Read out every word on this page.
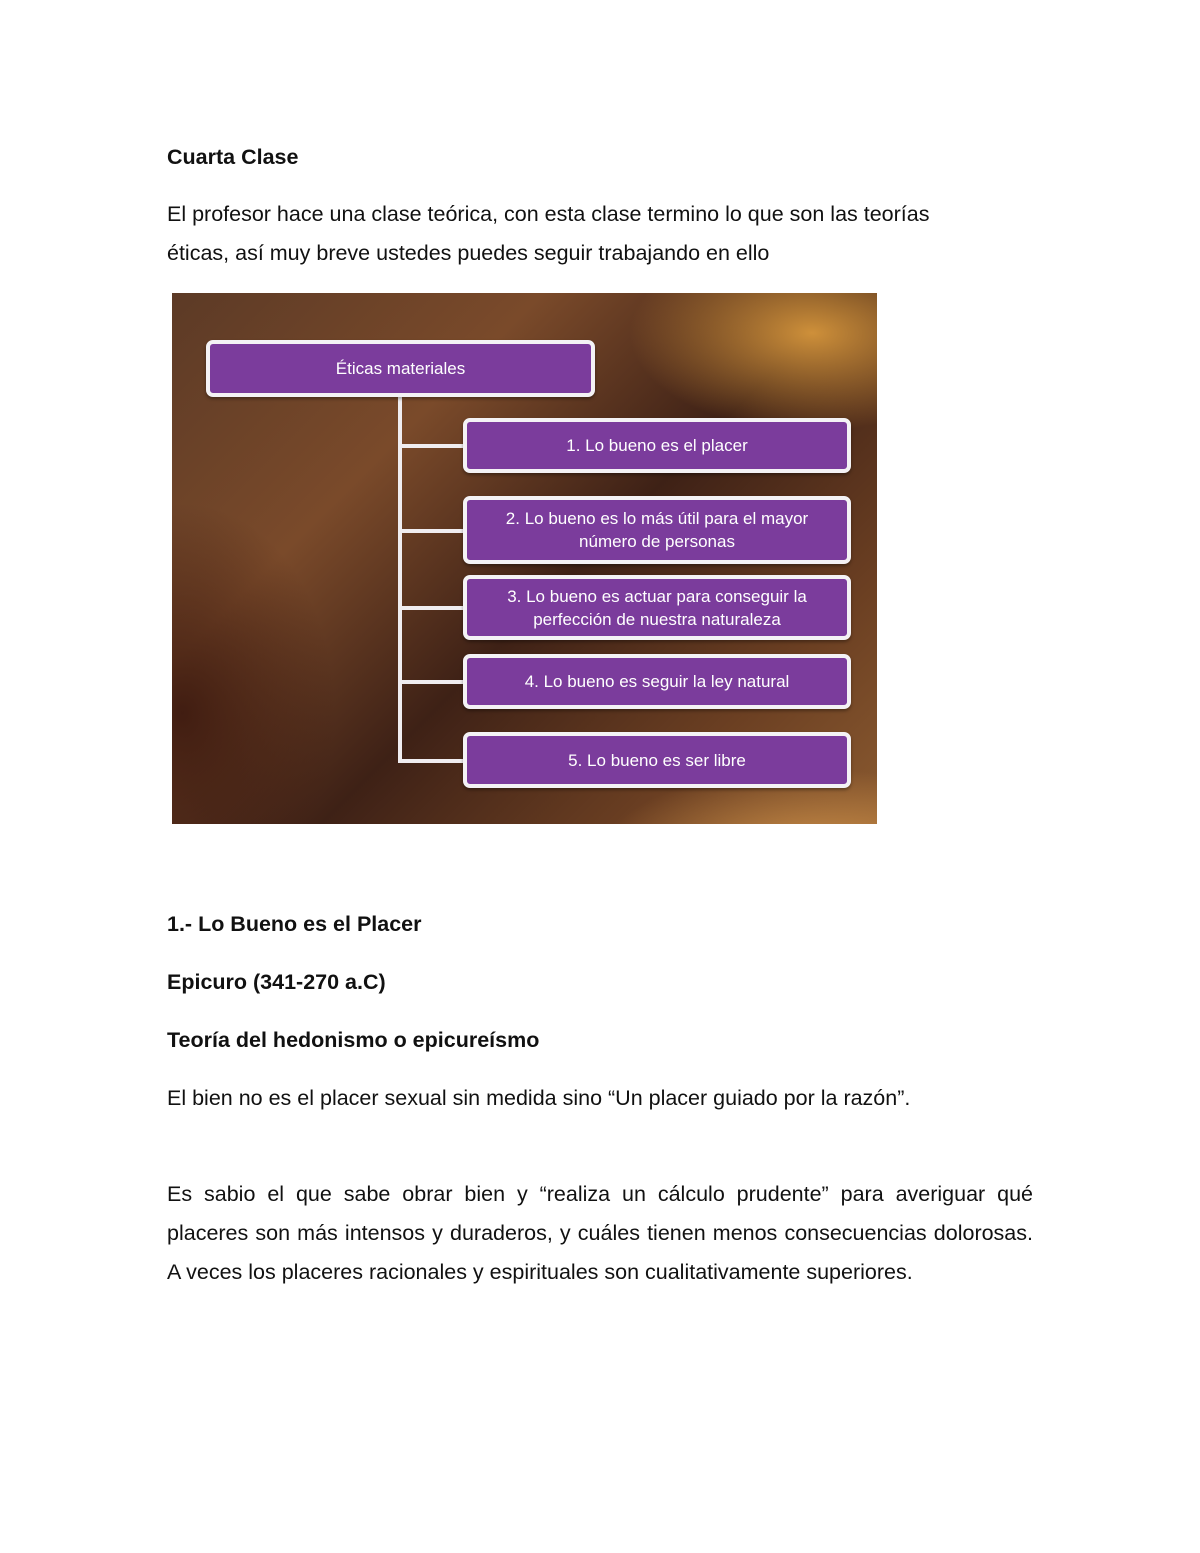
Cuarta Clase

El profesor hace una clase teórica, con esta clase termino lo que son las teorías éticas, así muy breve ustedes puedes seguir trabajando en ello

Éticas materiales
1. Lo bueno es el placer
2. Lo bueno es lo más útil para el mayor número de personas
3. Lo bueno es actuar para conseguir la perfección de nuestra naturaleza
4. Lo bueno es seguir la ley natural
5. Lo bueno es ser libre

1.- Lo Bueno es el Placer

Epicuro (341-270 a.C)

Teoría del hedonismo o epicureísmo

El bien no es el placer sexual sin medida sino “Un placer guiado por la razón”.

Es sabio el que sabe obrar bien y “realiza un cálculo prudente” para averiguar qué placeres son más intensos y duraderos, y cuáles tienen menos consecuencias dolorosas. A veces los placeres racionales y espirituales son cualitativamente superiores.
